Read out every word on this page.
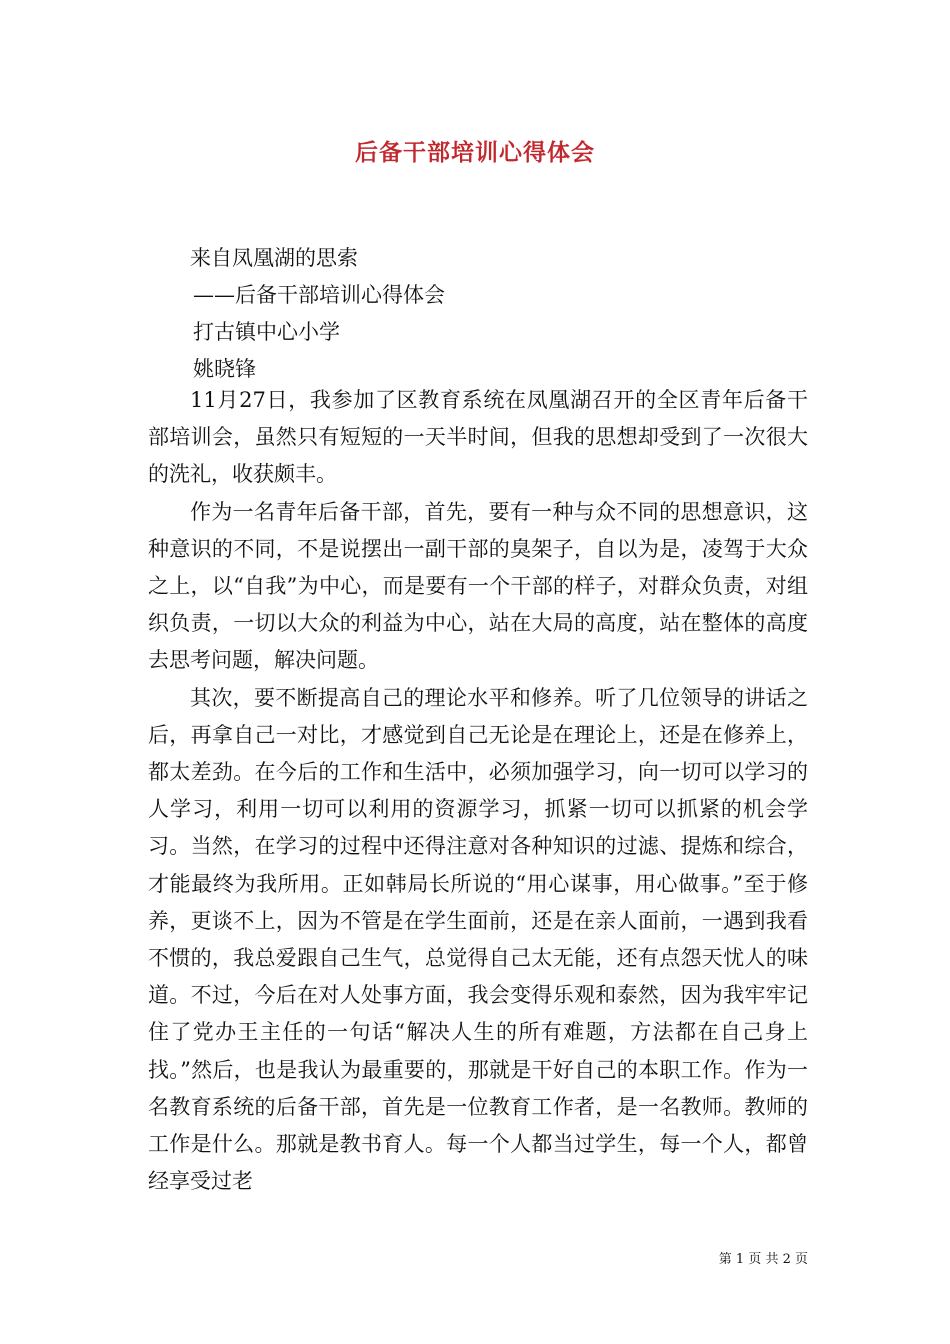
后备干部培训心得体会
来自凤凰湖的思索
——后备干部培训心得体会
打古镇中心小学
姚晓锋

11月27日，我参加了区教育系统在凤凰湖召开的全区青年后备干部培训会，虽然只有短短的一天半时间，但我的思想却受到了一次很大的洗礼，收获颇丰。

作为一名青年后备干部，首先，要有一种与众不同的思想意识，这种意识的不同，不是说摆出一副干部的臭架子，自以为是，凌驾于大众之上，以“自我”为中心，而是要有一个干部的样子，对群众负责，对组织负责，一切以大众的利益为中心，站在大局的高度，站在整体的高度去思考问题，解决问题。

其次，要不断提高自己的理论水平和修养。听了几位领导的讲话之后，再拿自己一对比，才感觉到自己无论是在理论上，还是在修养上，都太差劲。在今后的工作和生活中，必须加强学习，向一切可以学习的人学习，利用一切可以利用的资源学习，抓紧一切可以抓紧的机会学习。当然，在学习的过程中还得注意对各种知识的过滤、提炼和综合，才能最终为我所用。正如韩局长所说的“用心谋事，用心做事。”至于修养，更谈不上，因为不管是在学生面前，还是在亲人面前，一遇到我看不惯的，我总爱跟自己生气，总觉得自己太无能，还有点怨天忧人的味道。不过，今后在对人处事方面，我会变得乐观和泰然，因为我牢牢记住了党办王主任的一句话“解决人生的所有难题，方法都在自己身上找。”然后，也是我认为最重要的，那就是干好自己的本职工作。作为一名教育系统的后备干部，首先是一位教育工作者，是一名教师。教师的工作是什么。那就是教书育人。每一个人都当过学生，每一个人，都曾经享受过老

第 1 页 共 2 页
